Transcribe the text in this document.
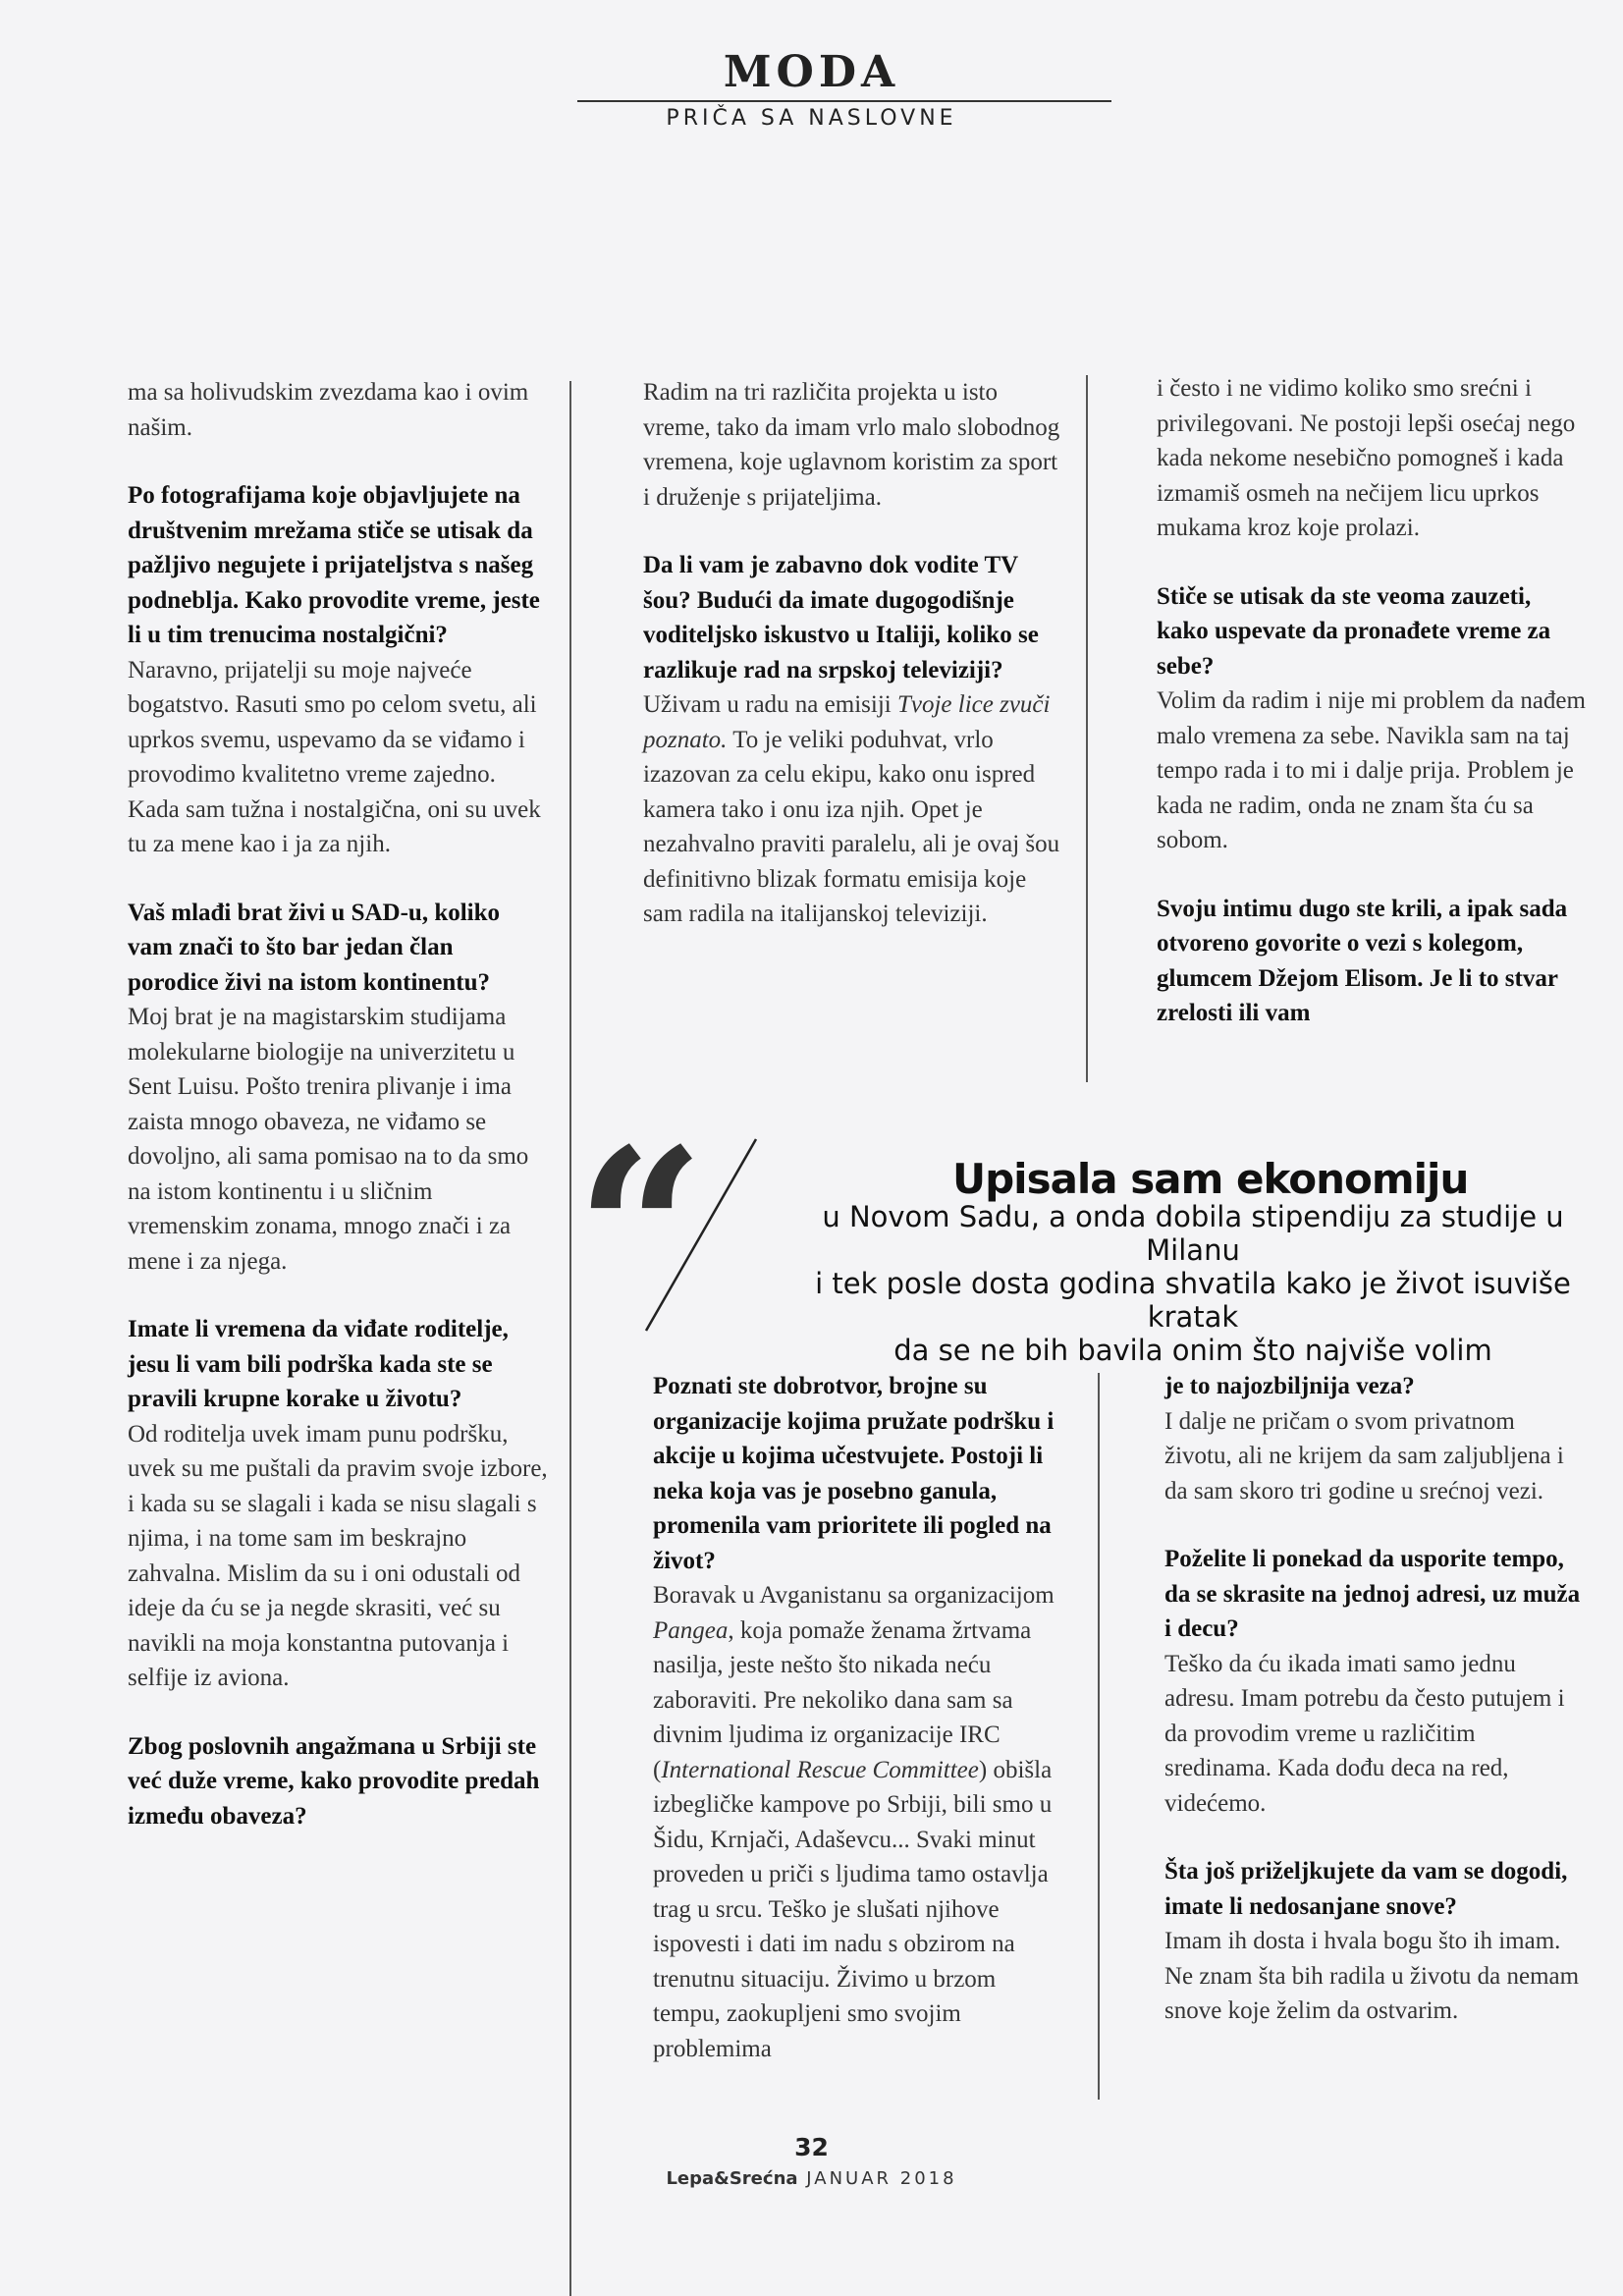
MODA
PRIČA SA NASLOVNE

ma sa holivudskim zvezdama kao i ovim našim.

Po fotografijama koje objavljujete na društvenim mrežama stiče se utisak da pažljivo negujete i prijateljstva s našeg podneblja. Kako provodite vreme, jeste li u tim trenucima nostalgični?
Naravno, prijatelji su moje najveće bogatstvo. Rasuti smo po celom svetu, ali uprkos svemu, uspevamo da se viđamo i provodimo kvalitetno vreme zajedno. Kada sam tužna i nostalgična, oni su uvek tu za mene kao i ja za njih.

Vaš mlađi brat živi u SAD-u, koliko vam znači to što bar jedan član porodice živi na istom kontinentu?
Moj brat je na magistarskim studijama molekularne biologije na univerzitetu u Sent Luisu. Pošto trenira plivanje i ima zaista mnogo obaveza, ne viđamo se dovoljno, ali sama pomisao na to da smo na istom kontinentu i u sličnim vremenskim zonama, mnogo znači i za mene i za njega.

Imate li vremena da viđate roditelje, jesu li vam bili podrška kada ste se pravili krupne korake u životu?
Od roditelja uvek imam punu podršku, uvek su me puštali da pravim svoje izbore, i kada su se slagali i kada se nisu slagali s njima, i na tome sam im beskrajno zahvalna. Mislim da su i oni odustali od ideje da ću se ja negde skrasiti, već su navikli na moja konstantna putovanja i selfije iz aviona.

Zbog poslovnih angažmana u Srbiji ste već duže vreme, kako provodite predah između obaveza?

Radim na tri različita projekta u isto vreme, tako da imam vrlo malo slobodnog vremena, koje uglavnom koristim za sport i druženje s prijateljima.

Da li vam je zabavno dok vodite TV šou? Budući da imate dugogodišnje voditeljsko iskustvo u Italiji, koliko se razlikuje rad na srpskoj televiziji?
Uživam u radu na emisiji Tvoje lice zvuči poznato. To je veliki poduhvat, vrlo izazovan za celu ekipu, kako onu ispred kamera tako i onu iza njih. Opet je nezahvalno praviti paralelu, ali je ovaj šou definitivno blizak formatu emisija koje sam radila na italijanskoj televiziji.

i često i ne vidimo koliko smo srećni i privilegovani. Ne postoji lepši osećaj nego kada nekome nesebično pomogneš i kada izmamiš osmeh na nečijem licu uprkos mukama kroz koje prolazi.

Stiče se utisak da ste veoma zauzeti, kako uspevate da pronađete vreme za sebe?
Volim da radim i nije mi problem da nađem malo vremena za sebe. Navikla sam na taj tempo rada i to mi i dalje prija. Problem je kada ne radim, onda ne znam šta ću sa sobom.

Svoju intimu dugo ste krili, a ipak sada otvoreno govorite o vezi s kolegom, glumcem Džejom Elisom. Je li to stvar zrelosti ili vam

“	Upisala sam ekonomiju
u Novom Sadu, a onda dobila stipendiju za studije u Milanu
i tek posle dosta godina shvatila kako je život isuviše kratak
da se ne bih bavila onim što najviše volim

Poznati ste dobrotvor, brojne su organizacije kojima pružate podršku i akcije u kojima učestvujete. Postoji li neka koja vas je posebno ganula, promenila vam prioritete ili pogled na život?
Boravak u Avganistanu sa organizacijom Pangea, koja pomaže ženama žrtvama nasilja, jeste nešto što nikada neću zaboraviti. Pre nekoliko dana sam sa divnim ljudima iz organizacije IRC (International Rescue Committee) obišla izbegličke kampove po Srbiji, bili smo u Šidu, Krnjači, Adaševcu... Svaki minut proveden u priči s ljudima tamo ostavlja trag u srcu. Teško je slušati njihove ispovesti i dati im nadu s obzirom na trenutnu situaciju. Živimo u brzom tempu, zaokupljeni smo svojim problemima

je to najozbiljnija veza?
I dalje ne pričam o svom privatnom životu, ali ne krijem da sam zaljubljena i da sam skoro tri godine u srećnoj vezi.

Poželite li ponekad da usporite tempo, da se skrasite na jednoj adresi, uz muža i decu?
Teško da ću ikada imati samo jednu adresu. Imam potrebu da često putujem i da provodim vreme u različitim sredinama. Kada dođu deca na red, videćemo.

Šta još priželjkujete da vam se dogodi, imate li nedosanjane snove?
Imam ih dosta i hvala bogu što ih imam. Ne znam šta bih radila u životu da nemam snove koje želim da ostvarim.

32
Lepa&Srećna JANUAR 2018
